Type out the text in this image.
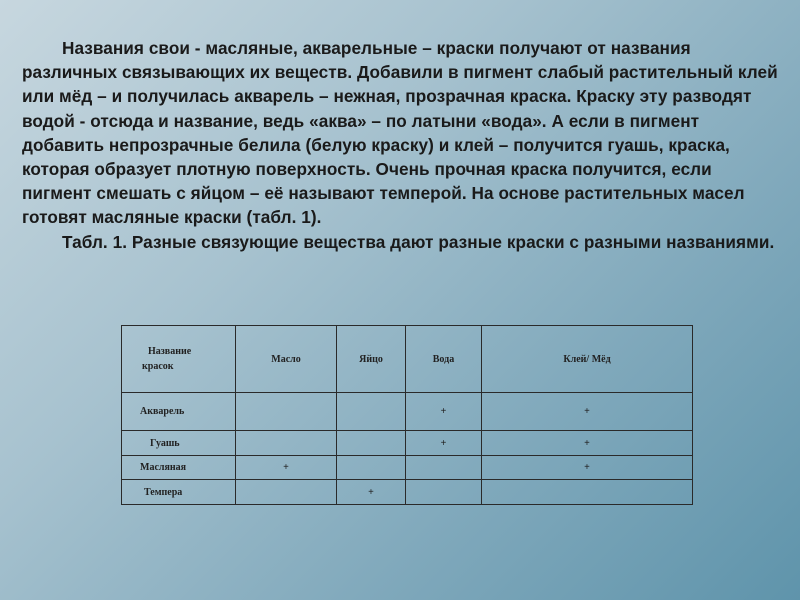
Названия свои - масляные, акварельные – краски получают от названия различных связывающих их веществ. Добавили в пигмент слабый растительный клей или мёд – и получилась акварель – нежная, прозрачная краска. Краску эту разводят водой - отсюда и название, ведь «аква» – по латыни «вода». А если в пигмент добавить непрозрачные белила (белую краску) и клей – получится гуашь, краска, которая образует плотную поверхность. Очень прочная краска получится, если пигмент смешать с яйцом – её называют темперой. На основе растительных масел готовят масляные краски (табл. 1).

Табл. 1. Разные связующие вещества дают разные краски с разными названиями.

Название
красок	Масло	Яйцо	Вода	Клей/ Мёд
Акварель			+	+
Гуашь			+	+
Масляная	+			+
Темпера		+		
